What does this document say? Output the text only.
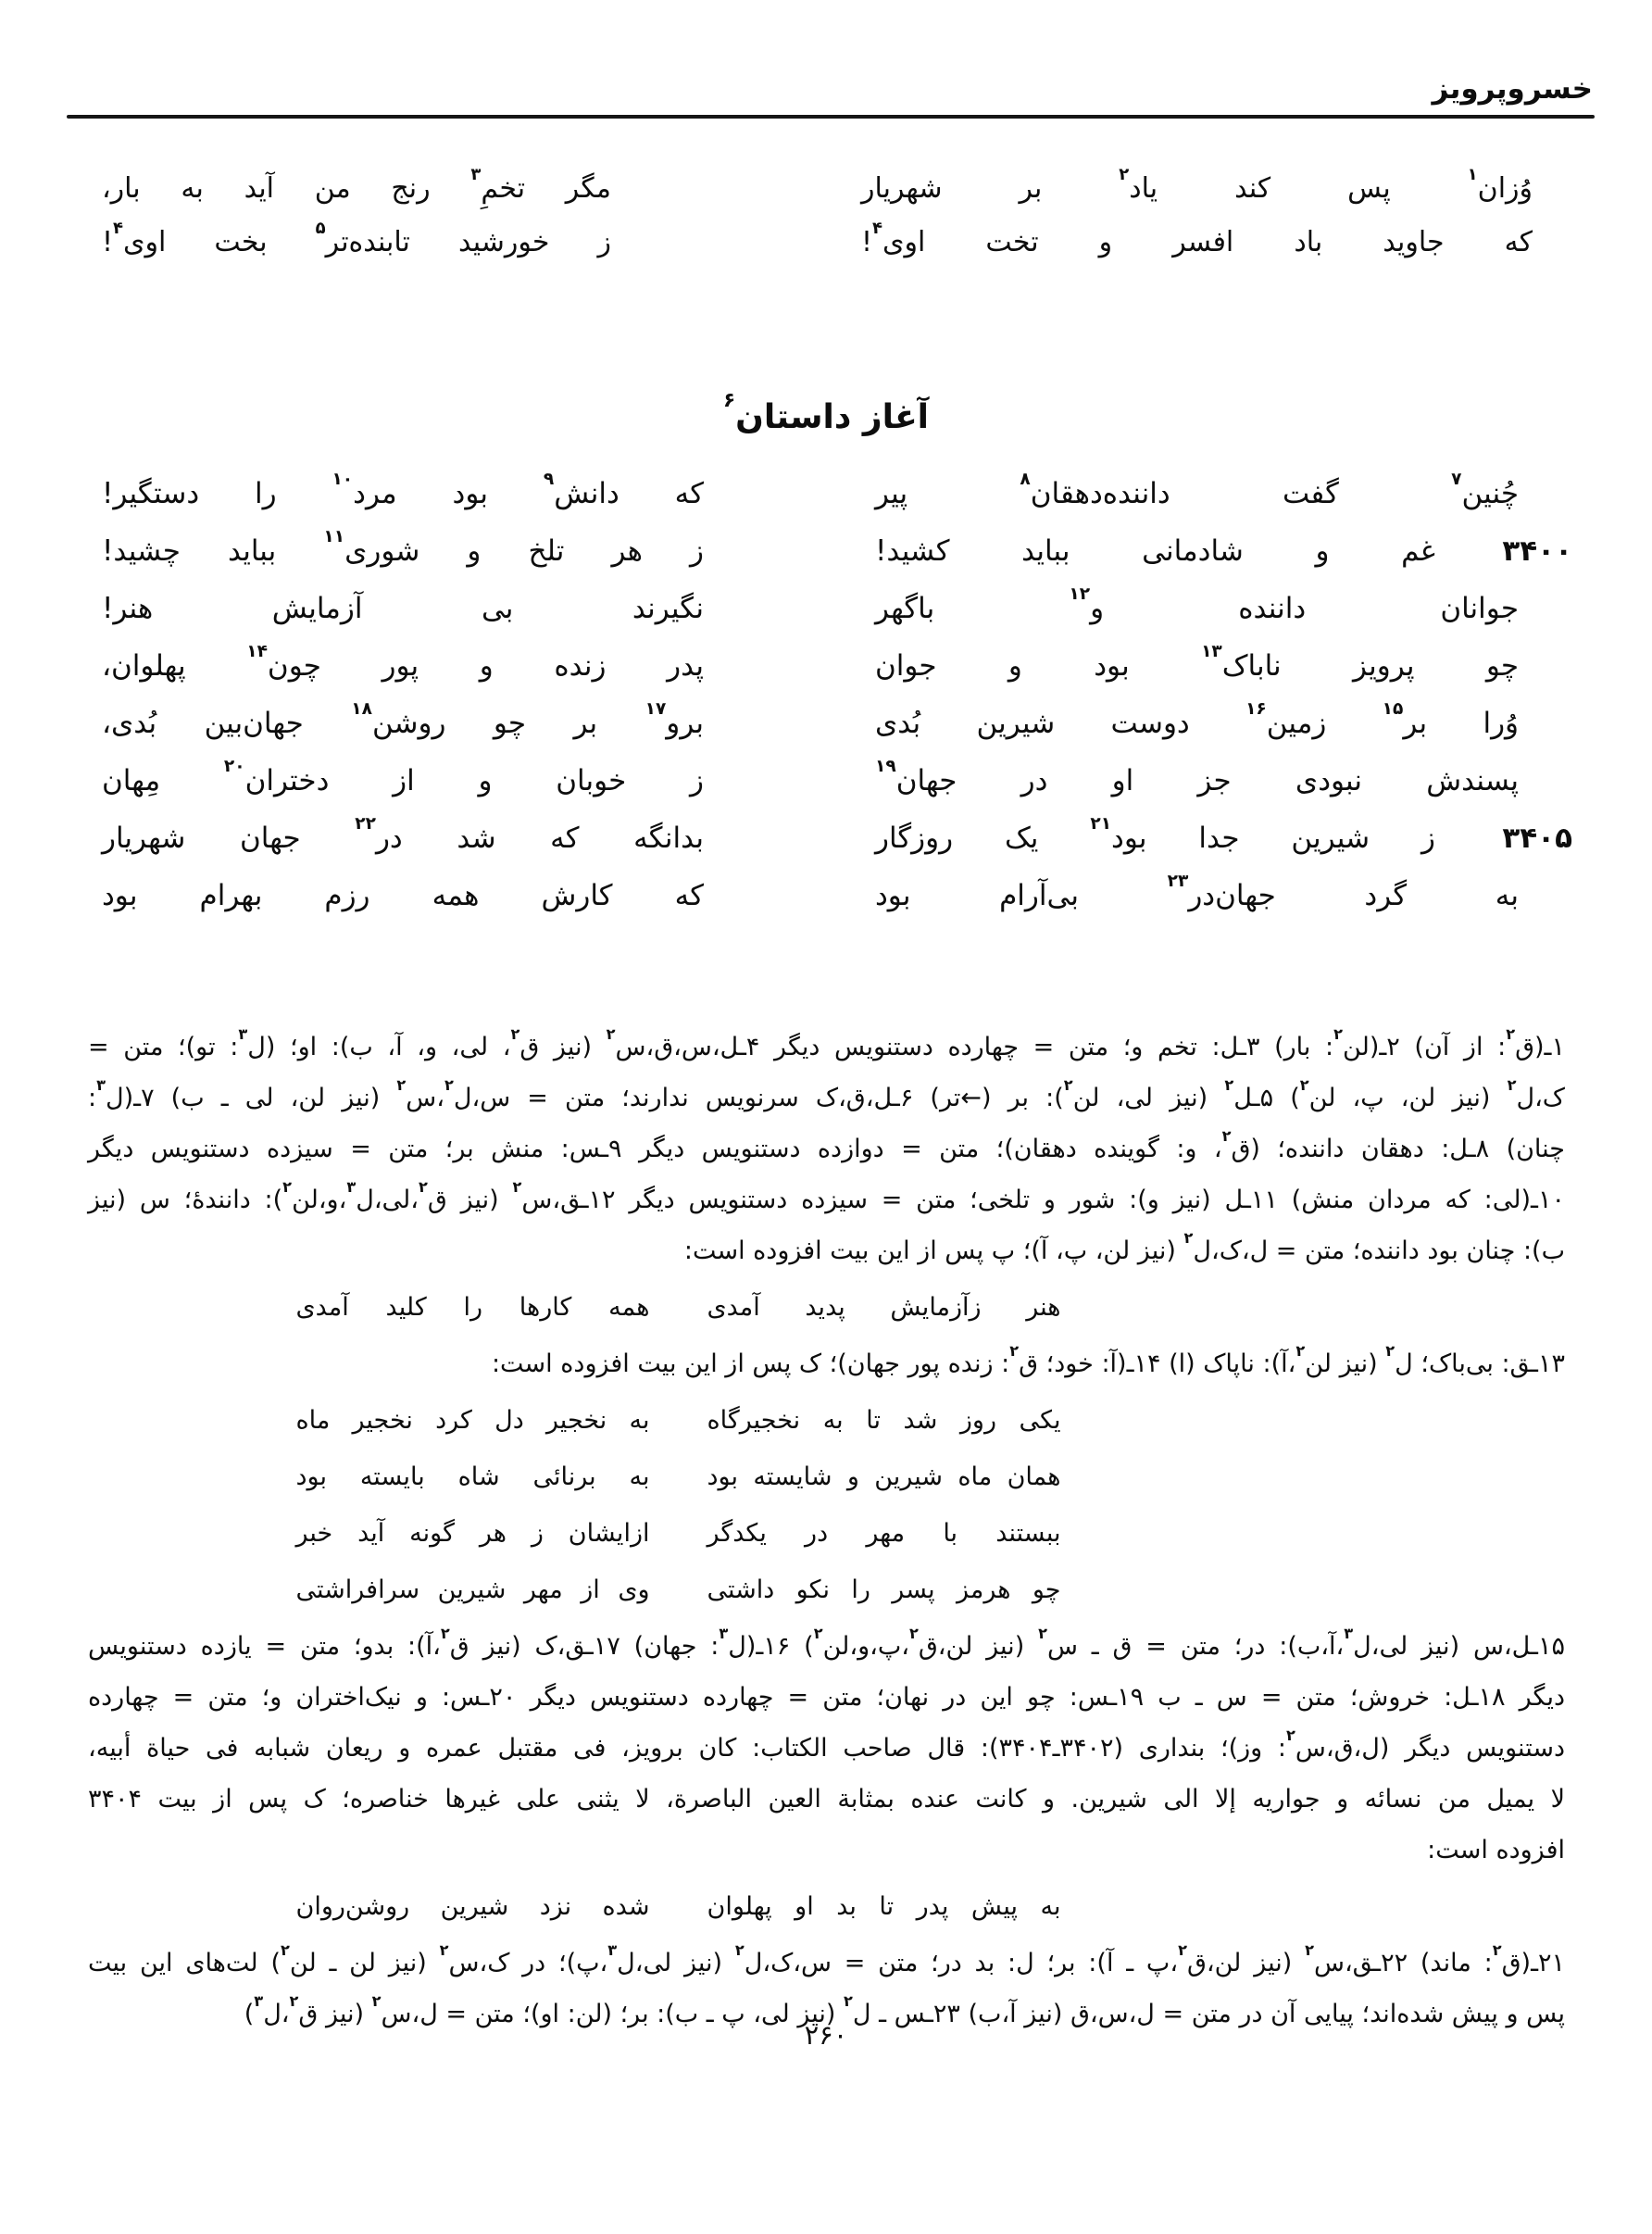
خسروپرویز
وُزان$^۱$ پس کند یاد$^۲$ بر شهریار
مگر تخمِ$^۳$ رنج من آید به بار،
که جاوید باد افسر و تخت اوی$^۴$!
ز خورشید تابنده‌تر$^۵$ بخت اوی$^۴$!
آغاز داستان$^۶$
چُنین$^۷$ گفت داننده‌دهقان$^۸$ پیر
که دانش$^۹$ بود مرد$^{۱۰}$ را دستگیر!
۳۴۰۰
غم و شادمانی بباید کشید!
ز هر تلخ و شوری$^{۱۱}$ بباید چشید!
جوانان داننده و$^{۱۲}$ باگهر
نگیرند بی آزمایش هنر!
چو پرویز ناباک$^{۱۳}$ بود و جوان
پدر زنده و پور چون$^{۱۴}$ پهلوان،
وُرا بر$^{۱۵}$ زمین$^{۱۶}$ دوست شیرین بُدی
برو$^{۱۷}$ بر چو روشن$^{۱۸}$ جهان‌بین بُدی،
پسندش نبودی جز او در جهان$^{۱۹}$
ز خوبان و از دختران$^{۲۰}$ مِهان
۳۴۰۵
ز شیرین جدا بود$^{۲۱}$ یک روزگار
بدانگه که شد در$^{۲۲}$ جهان شهریار
به گرد جهان‌در$^{۲۳}$ بی‌آرام بود
که کارش همه رزم بهرام بود
۱ـ(ق$^۲$: از آن) ۲ـ(لن$^۲$: بار) ۳ـل: تخم و؛ متن = چهارده دستنویس دیگر ۴ـل،س،ق،س$^۲$ (نیز ق$^۲$، لی، و، آ، ب): او؛ (ل$^۳$: تو)؛ متن =
ک،ل$^۲$ (نیز لن، پ، لن$^۲$) ۵ـل$^۲$ (نیز لی، لن$^۲$): بر (←تر) ۶ـل،ق،ک سرنویس ندارند؛ متن = س،ل$^۲$،س$^۲$ (نیز لن، لی ـ ب) ۷ـ(ل$^۳$:
چنان) ۸ـل: دهقان داننده؛ (ق$^۲$، و: گوینده دهقان)؛ متن = دوازده دستنویس دیگر ۹ـس: منش بر؛ متن = سیزده دستنویس دیگر
۱۰ـ(لی: که مردان منش) ۱۱ـل (نیز و): شور و تلخی؛ متن = سیزده دستنویس دیگر ۱۲ـق،س$^۲$ (نیز ق$^۲$،لی،ل$^۳$،و،لن$^۲$): دانندهٔ؛ س (نیز
ب): چنان بود داننده؛ متن = ل،ک،ل$^۲$ (نیز لن، پ، آ)؛ پ پس از این بیت افزوده است:
هنر زآزمایش پدید آمدی
همه کارها را کلید آمدی
۱۳ـق: بی‌باک؛ ل$^۲$ (نیز لن$^۲$،آ): ناپاک (ا) ۱۴ـ(آ: خود؛ ق$^۲$: زنده پور جهان)؛ ک پس از این بیت افزوده است:
یکی روز شد تا به نخجیرگاه
به نخجیر دل کرد نخجیر ماه
همان ماه شیرین و شایسته بود
به برنائی شاه بایسته بود
ببستند با مهر در یکدگر
ازایشان ز هر گونه آید خبر
چو هرمز پسر را نکو داشتی
وی از مهر شیرین سرافراشتی
۱۵ـل،س (نیز لی،ل$^۳$،آ،ب): در؛ متن = ق ـ س$^۲$ (نیز لن،ق$^۲$،پ،و،لن$^۲$) ۱۶ـ(ل$^۳$: جهان) ۱۷ـق،ک (نیز ق$^۲$،آ): بدو؛ متن = یازده دستنویس
دیگر ۱۸ـل: خروش؛ متن = س ـ ب ۱۹ـس: چو این در نهان؛ متن = چهارده دستنویس دیگر ۲۰ـس: و نیک‌اختران و؛ متن = چهارده
دستنویس دیگر (ل،ق،س$^۲$: وز)؛ بنداری (۳۴۰۲ـ۳۴۰۴): قال صاحب الکتاب: کان برویز، فی مقتبل عمره و ریعان شبابه فی حیاة أبیه،
لا یمیل من نسائه و جواریه إلا الی شیرین. و کانت عنده بمثابة العین الباصرة، لا یثنی علی غیرها خناصره؛ ک پس از بیت ۳۴۰۴
افزوده است:
به پیش پدر تا بد او پهلوان
شده نزد شیرین روشن‌روان
۲۱ـ(ق$^۲$: ماند) ۲۲ـق،س$^۲$ (نیز لن،ق$^۲$،پ ـ آ): بر؛ ل: بد در؛ متن = س،ک،ل$^۲$ (نیز لی،ل$^۳$،پ)؛ در ک،س$^۲$ (نیز لن ـ لن$^۲$) لت‌های این بیت
پس و پیش شده‌اند؛ پیایی آن در متن = ل،س،ق (نیز آ،ب) ۲۳ـس ـ ل$^۲$ (نیز لی، پ ـ ب): بر؛ (لن: او)؛ متن = ل،س$^۲$ (نیز ق$^۲$،ل$^۳$)
۲۶۰
